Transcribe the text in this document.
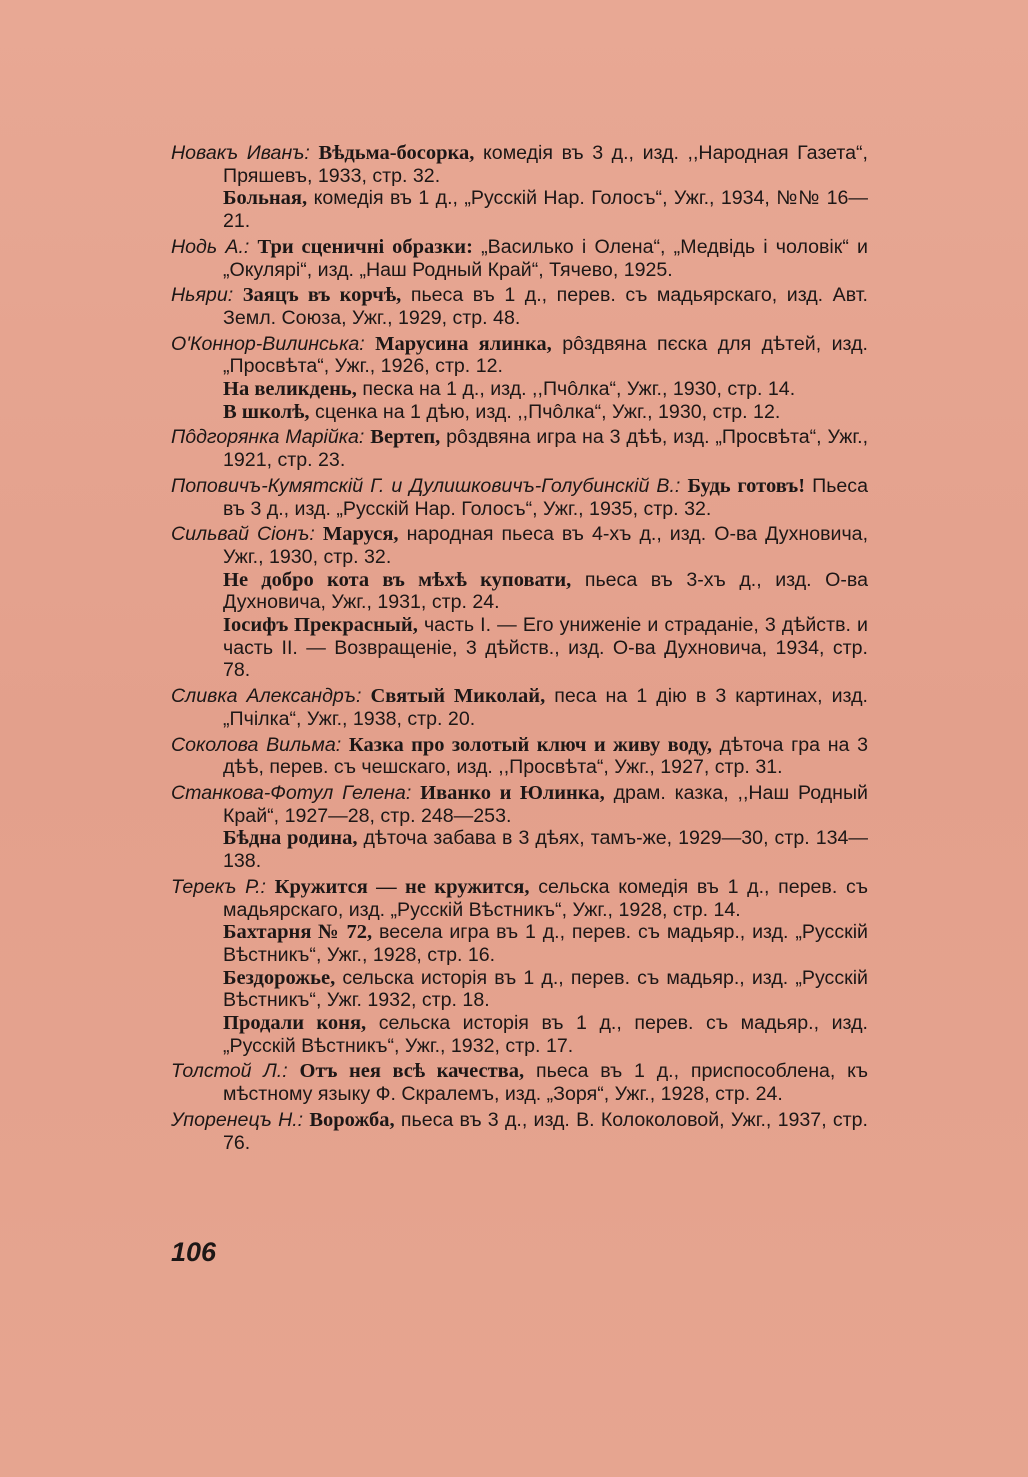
Новакъ Иванъ: Вѣдьма-босорка, комедія въ 3 д., изд. ,,Народная Газета“, Пряшевъ, 1933, стр. 32.
Больная, комедія въ 1 д., „Русскій Нар. Голосъ“, Ужг., 1934, №№ 16—21.
Нодь А.: Три сценичні образки: „Василько і Олена“, „Медвідь і чоловік“ и „Окулярі“, изд. „Наш Родный Край“, Тячево, 1925.
Ньяри: Заяцъ въ корчѣ, пьеса въ 1 д., перев. съ мадьярскаго, изд. Авт. Земл. Союза, Ужг., 1929, стр. 48.
О'Коннор-Вилинська: Марусина ялинка, рôздвяна пєска для дѣтей, изд. „Просвѣта“, Ужг., 1926, стр. 12.
На великдень, песка на 1 д., изд. ,,Пчôлка“, Ужг., 1930, стр. 14.
В школѣ, сценка на 1 дѣю, изд. ,,Пчôлка“, Ужг., 1930, стр. 12.
Пôдгорянка Марійка: Вертеп, рôздвяна игра на 3 дѣѣ, изд. „Просвѣта“, Ужг., 1921, стр. 23.
Поповичъ-Кумятскій Г. и Дулишковичъ-Голубинскій В.: Будь готовъ! Пьеса въ 3 д., изд. „Русскій Нар. Голосъ“, Ужг., 1935, стр. 32.
Сильвай Сіонъ: Маруся, народная пьеса въ 4-хъ д., изд. О-ва Духновича, Ужг., 1930, стр. 32.
Не добро кота въ мѣхѣ куповати, пьеса въ 3-хъ д., изд. О-ва Духновича, Ужг., 1931, стр. 24.
Іосифъ Прекрасный, часть I. — Его униженіе и страданіе, 3 дѣйств. и часть II. — Возвращеніе, 3 дѣйств., изд. О-ва Духновича, 1934, стр. 78.
Сливка Александръ: Святый Миколай, песа на 1 дію в 3 картинах, изд. „Пчілка“, Ужг., 1938, стр. 20.
Соколова Вильма: Казка про золотый ключ и живу воду, дѣточа гра на 3 дѣѣ, перев. съ чешскаго, изд. ,,Просвѣта“, Ужг., 1927, стр. 31.
Станкова-Фотул Гелена: Иванко и Юлинка, драм. казка, ,,Наш Родный Край“, 1927—28, стр. 248—253.
Бѣдна родина, дѣточа забава в 3 дѣях, тамъ-же, 1929—30, стр. 134—138.
Терекъ Р.: Кружится — не кружится, сельска комедія въ 1 д., перев. съ мадьярскаго, изд. „Русскій Вѣстникъ“, Ужг., 1928, стр. 14.
Бахтарня № 72, весела игра въ 1 д., перев. съ мадьяр., изд. „Русскій Вѣстникъ“, Ужг., 1928, стр. 16.
Бездорожье, сельска исторія въ 1 д., перев. съ мадьяр., изд. „Русскій Вѣстникъ“, Ужг. 1932, стр. 18.
Продали коня, сельска исторія въ 1 д., перев. съ мадьяр., изд. „Русскій Вѣстникъ“, Ужг., 1932, стр. 17.
Толстой Л.: Отъ нея всѣ качества, пьеса въ 1 д., приспособлена, къ мѣстному языку Ф. Скралемъ, изд. „Зоря“, Ужг., 1928, стр. 24.
Упоренецъ Н.: Ворожба, пьеса въ 3 д., изд. В. Колоколовой, Ужг., 1937, стр. 76.
106
